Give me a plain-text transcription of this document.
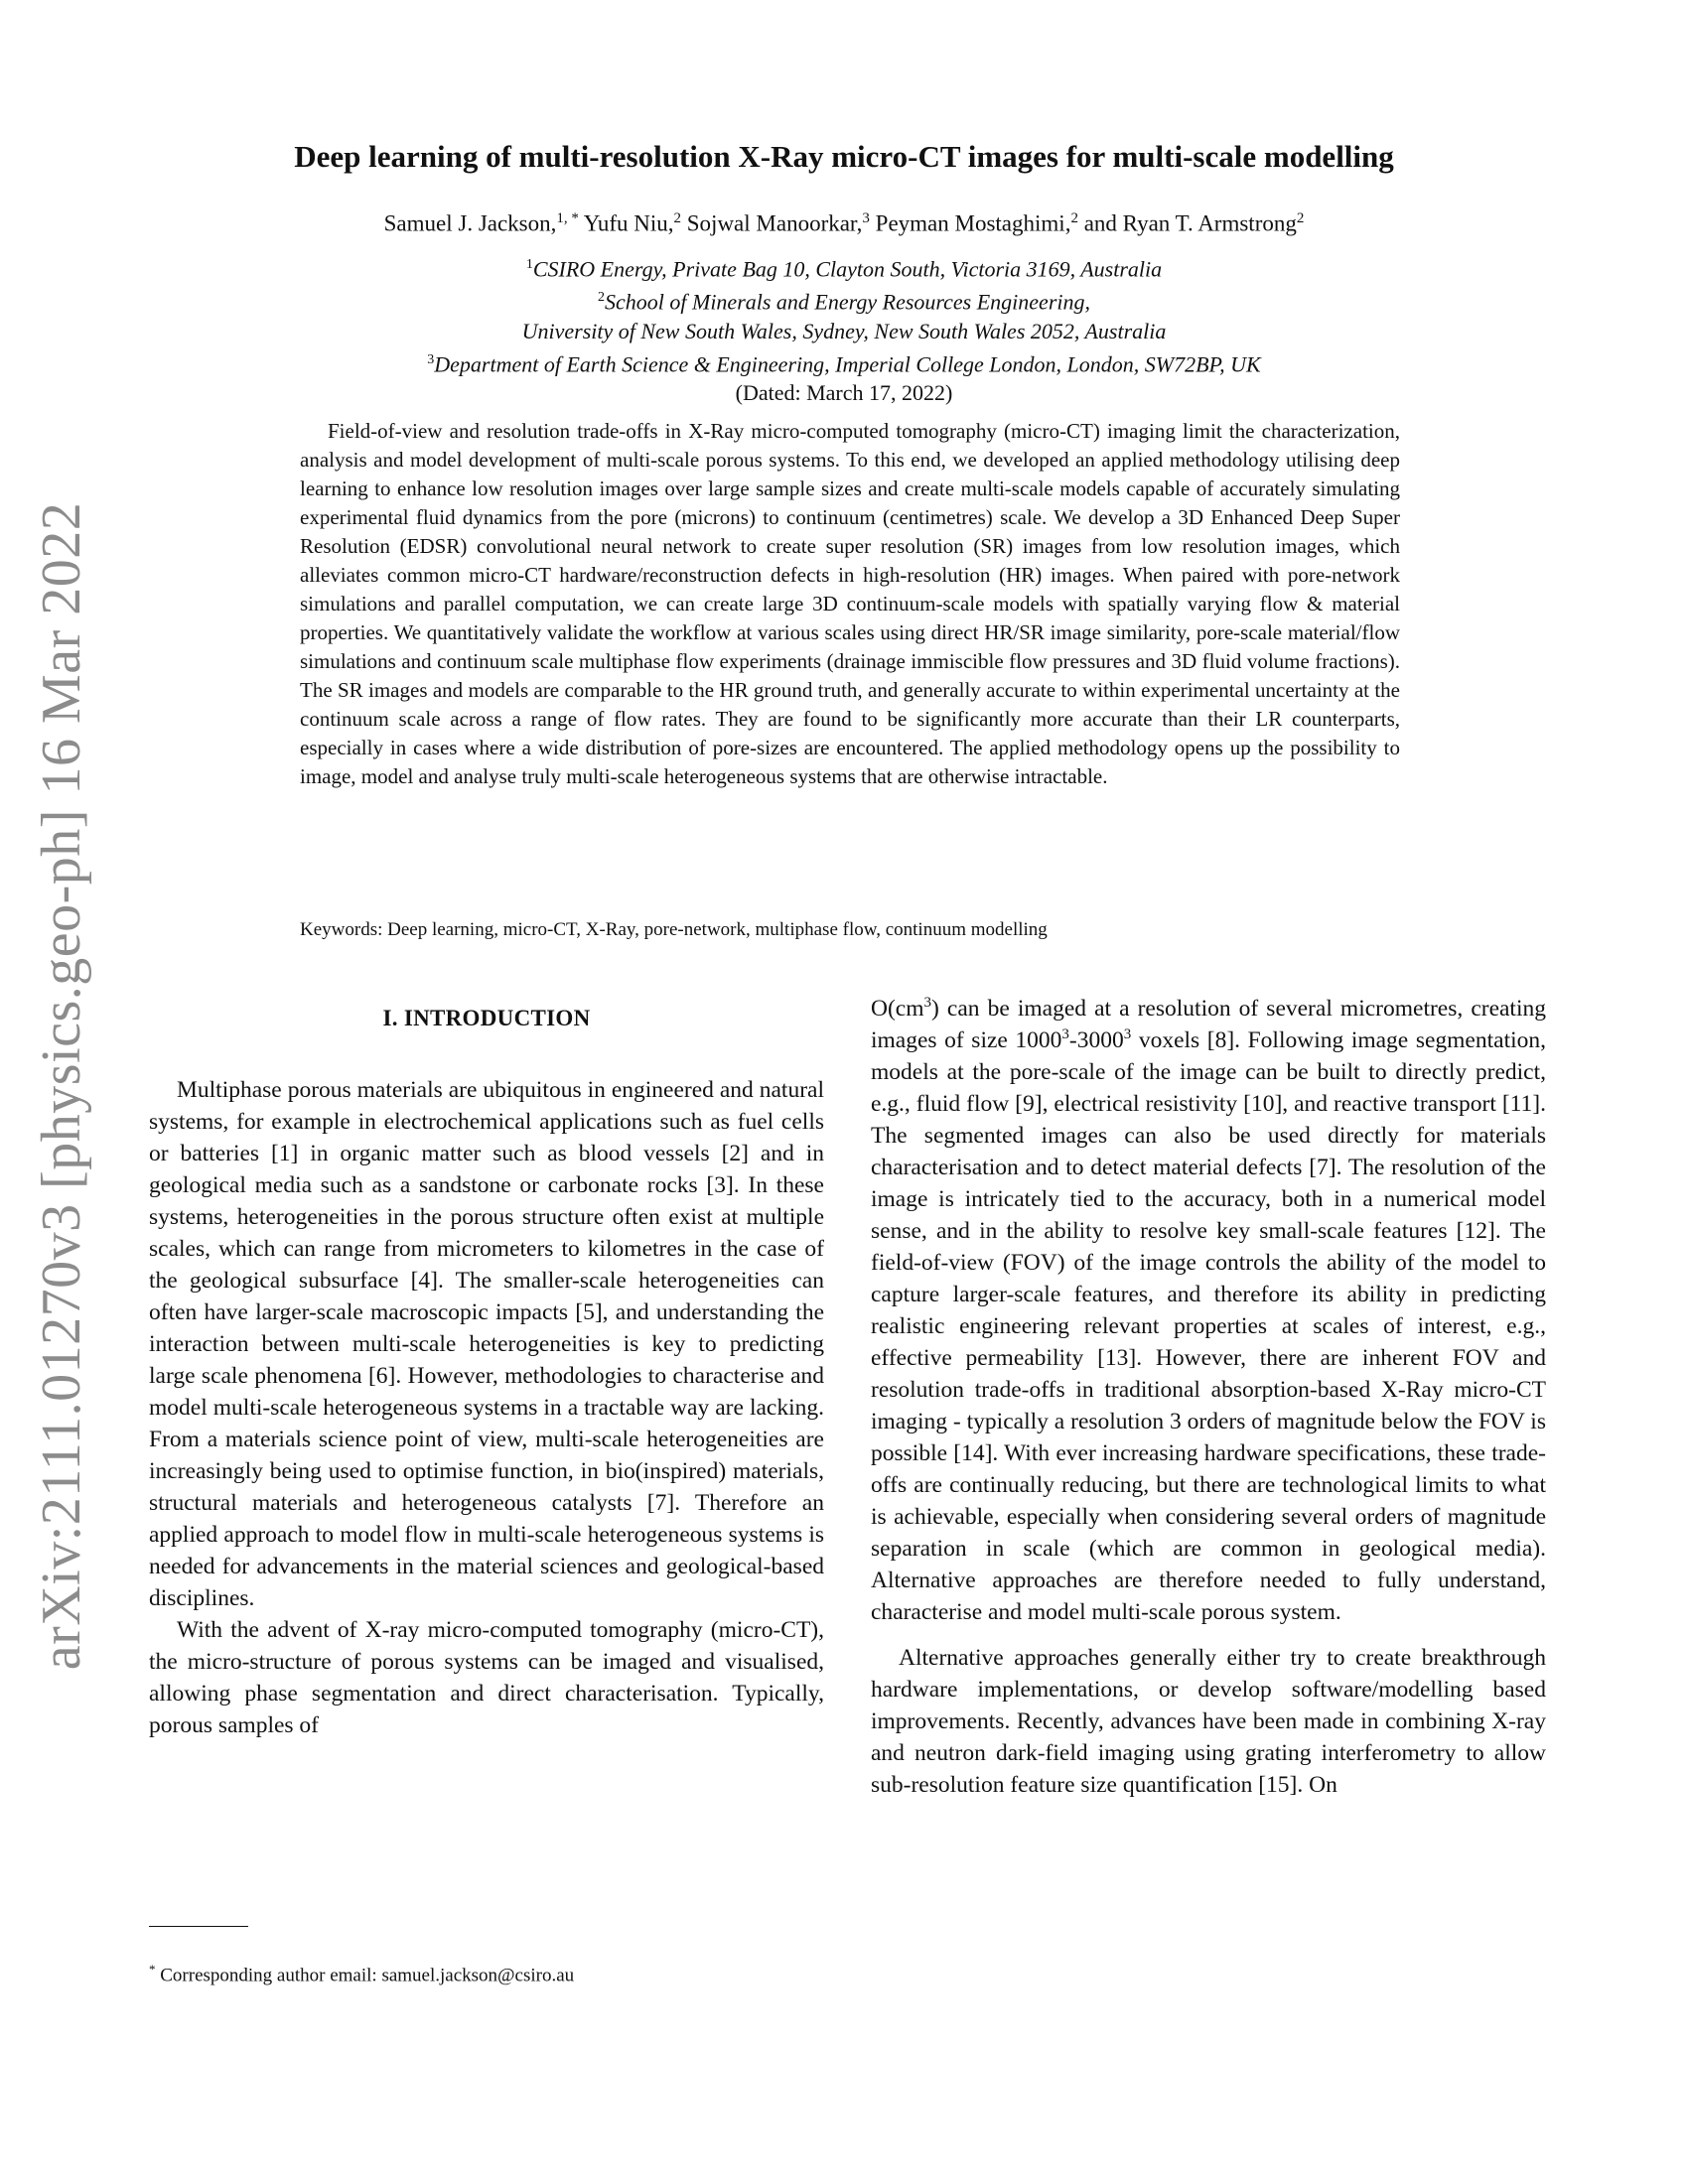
arXiv:2111.01270v3 [physics.geo-ph] 16 Mar 2022
Deep learning of multi-resolution X-Ray micro-CT images for multi-scale modelling
Samuel J. Jackson,$^{1, *}$ Yufu Niu,$^2$ Sojwal Manoorkar,$^3$ Peyman Mostaghimi,$^2$ and Ryan T. Armstrong$^2$
$^1$CSIRO Energy, Private Bag 10, Clayton South, Victoria 3169, Australia
$^2$School of Minerals and Energy Resources Engineering,
University of New South Wales, Sydney, New South Wales 2052, Australia
$^3$Department of Earth Science & Engineering, Imperial College London, London, SW72BP, UK
(Dated: March 17, 2022)

Field-of-view and resolution trade-offs in X-Ray micro-computed tomography (micro-CT) imaging limit the characterization, analysis and model development of multi-scale porous systems. To this end, we developed an applied methodology utilising deep learning to enhance low resolution images over large sample sizes and create multi-scale models capable of accurately simulating experimental fluid dynamics from the pore (microns) to continuum (centimetres) scale. We develop a 3D Enhanced Deep Super Resolution (EDSR) convolutional neural network to create super resolution (SR) images from low resolution images, which alleviates common micro-CT hardware/reconstruction defects in high-resolution (HR) images. When paired with pore-network simulations and parallel computation, we can create large 3D continuum-scale models with spatially varying flow & material properties. We quantitatively validate the workflow at various scales using direct HR/SR image similarity, pore-scale material/flow simulations and continuum scale multiphase flow experiments (drainage immiscible flow pressures and 3D fluid volume fractions). The SR images and models are comparable to the HR ground truth, and generally accurate to within experimental uncertainty at the continuum scale across a range of flow rates. They are found to be significantly more accurate than their LR counterparts, especially in cases where a wide distribution of pore-sizes are encountered. The applied methodology opens up the possibility to image, model and analyse truly multi-scale heterogeneous systems that are otherwise intractable.

Keywords: Deep learning, micro-CT, X-Ray, pore-network, multiphase flow, continuum modelling
I. INTRODUCTION

Multiphase porous materials are ubiquitous in engineered and natural systems, for example in electrochemical applications such as fuel cells or batteries [1] in organic matter such as blood vessels [2] and in geological media such as a sandstone or carbonate rocks [3]. In these systems, heterogeneities in the porous structure often exist at multiple scales, which can range from micrometers to kilometres in the case of the geological subsurface [4]. The smaller-scale heterogeneities can often have larger-scale macroscopic impacts [5], and understanding the interaction between multi-scale heterogeneities is key to predicting large scale phenomena [6]. However, methodologies to characterise and model multi-scale heterogeneous systems in a tractable way are lacking. From a materials science point of view, multi-scale heterogeneities are increasingly being used to optimise function, in bio(inspired) materials, structural materials and heterogeneous catalysts [7]. Therefore an applied approach to model flow in multi-scale heterogeneous systems is needed for advancements in the material sciences and geological-based disciplines.

With the advent of X-ray micro-computed tomography (micro-CT), the micro-structure of porous systems can be imaged and visualised, allowing phase segmentation and direct characterisation. Typically, porous samples of

$O(cm^3)$ can be imaged at a resolution of several micrometres, creating images of size 1000$^3$-3000$^3$ voxels [8]. Following image segmentation, models at the pore-scale of the image can be built to directly predict, e.g., fluid flow [9], electrical resistivity [10], and reactive transport [11]. The segmented images can also be used directly for materials characterisation and to detect material defects [7]. The resolution of the image is intricately tied to the accuracy, both in a numerical model sense, and in the ability to resolve key small-scale features [12]. The field-of-view (FOV) of the image controls the ability of the model to capture larger-scale features, and therefore its ability in predicting realistic engineering relevant properties at scales of interest, e.g., effective permeability [13]. However, there are inherent FOV and resolution trade-offs in traditional absorption-based X-Ray micro-CT imaging - typically a resolution 3 orders of magnitude below the FOV is possible [14]. With ever increasing hardware specifications, these trade-offs are continually reducing, but there are technological limits to what is achievable, especially when considering several orders of magnitude separation in scale (which are common in geological media). Alternative approaches are therefore needed to fully understand, characterise and model multi-scale porous system.

Alternative approaches generally either try to create breakthrough hardware implementations, or develop software/modelling based improvements. Recently, advances have been made in combining X-ray and neutron dark-field imaging using grating interferometry to allow sub-resolution feature size quantification [15]. On

* Corresponding author email: samuel.jackson@csiro.au
